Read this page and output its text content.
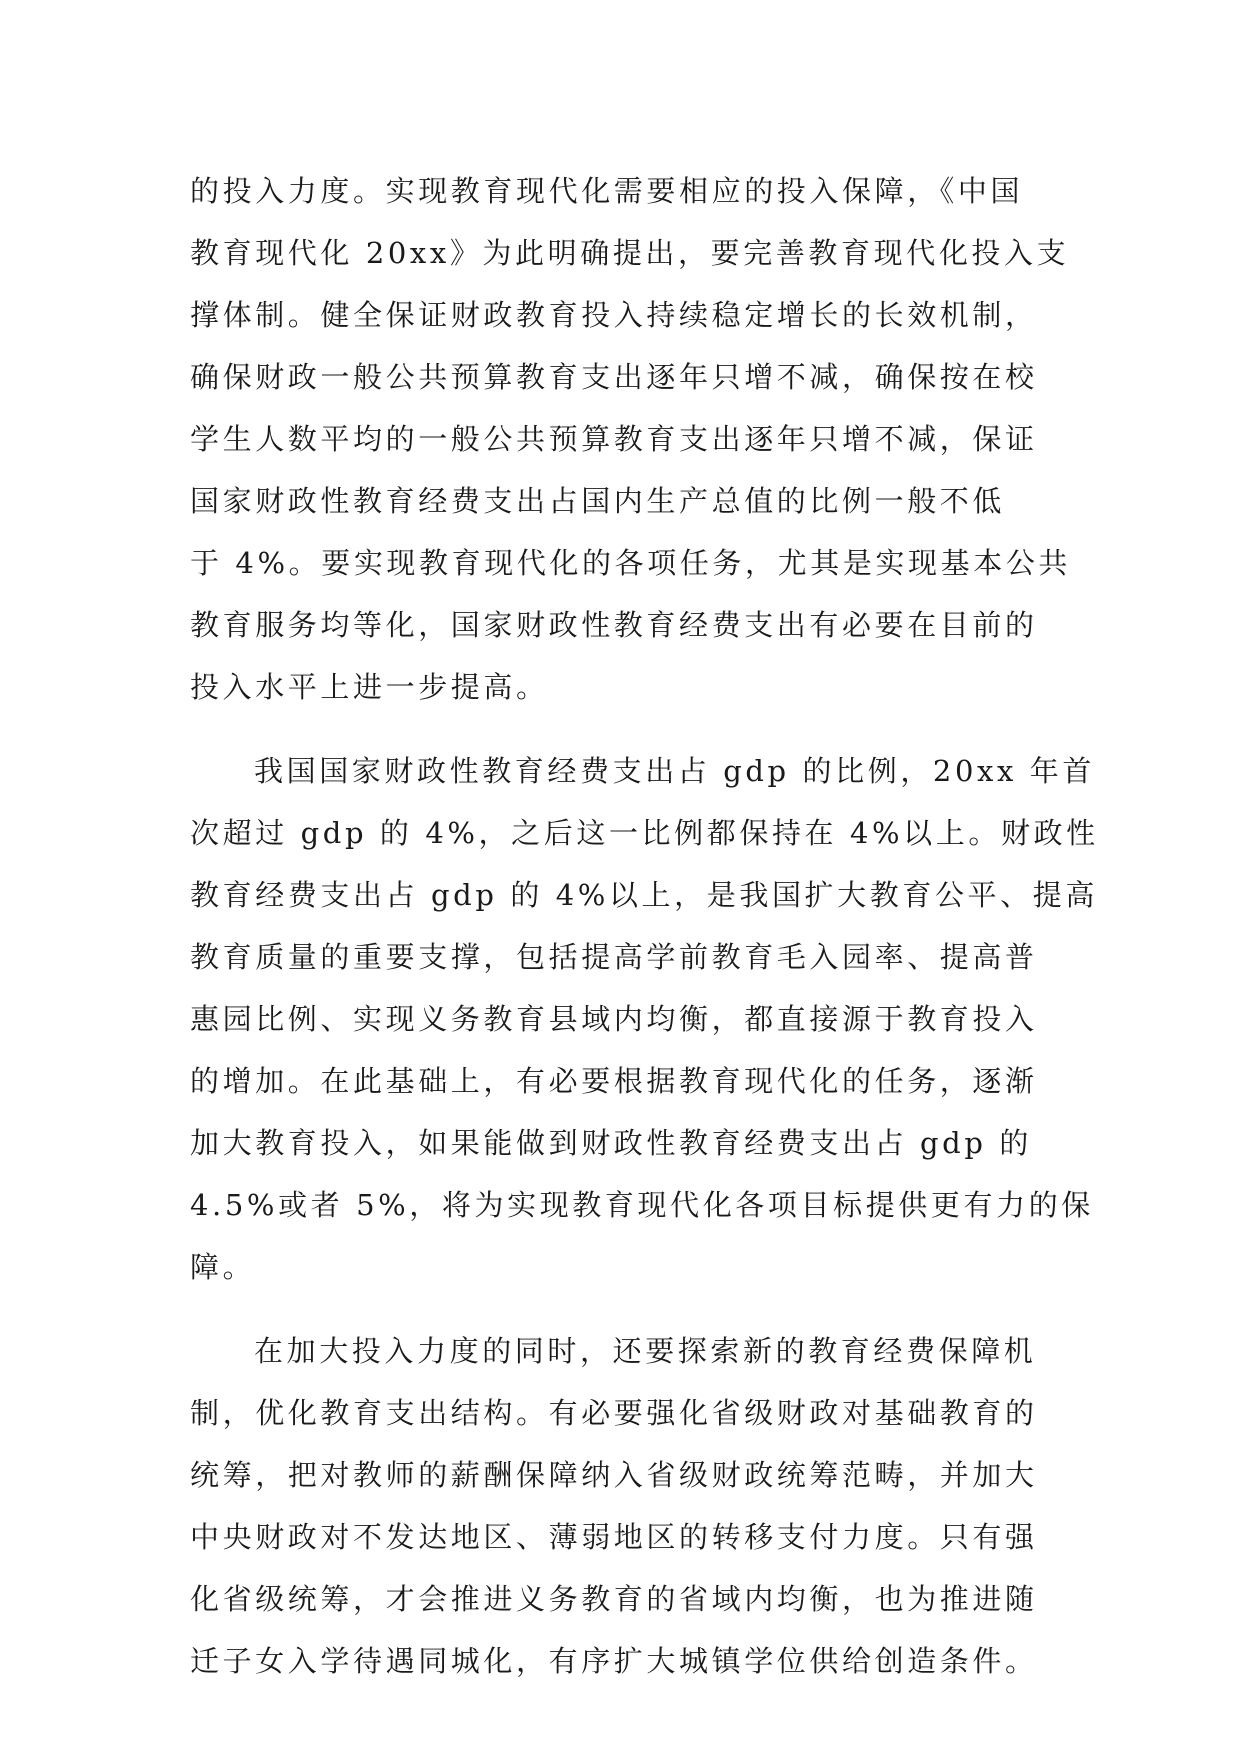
的投入力度。实现教育现代化需要相应的投入保障，《中国
教育现代化 20xx》为此明确提出，要完善教育现代化投入支
撑体制。健全保证财政教育投入持续稳定增长的长效机制，
确保财政一般公共预算教育支出逐年只增不减，确保按在校
学生人数平均的一般公共预算教育支出逐年只增不减，保证
国家财政性教育经费支出占国内生产总值的比例一般不低
于 4%。要实现教育现代化的各项任务，尤其是实现基本公共
教育服务均等化，国家财政性教育经费支出有必要在目前的
投入水平上进一步提高。
我国国家财政性教育经费支出占 gdp 的比例，20xx 年首
次超过 gdp 的 4%，之后这一比例都保持在 4%以上。财政性
教育经费支出占 gdp 的 4%以上，是我国扩大教育公平、提高
教育质量的重要支撑，包括提高学前教育毛入园率、提高普
惠园比例、实现义务教育县域内均衡，都直接源于教育投入
的增加。在此基础上，有必要根据教育现代化的任务，逐渐
加大教育投入，如果能做到财政性教育经费支出占 gdp 的
4.5%或者 5%，将为实现教育现代化各项目标提供更有力的保
障。
在加大投入力度的同时，还要探索新的教育经费保障机
制，优化教育支出结构。有必要强化省级财政对基础教育的
统筹，把对教师的薪酬保障纳入省级财政统筹范畴，并加大
中央财政对不发达地区、薄弱地区的转移支付力度。只有强
化省级统筹，才会推进义务教育的省域内均衡，也为推进随
迁子女入学待遇同城化，有序扩大城镇学位供给创造条件。
